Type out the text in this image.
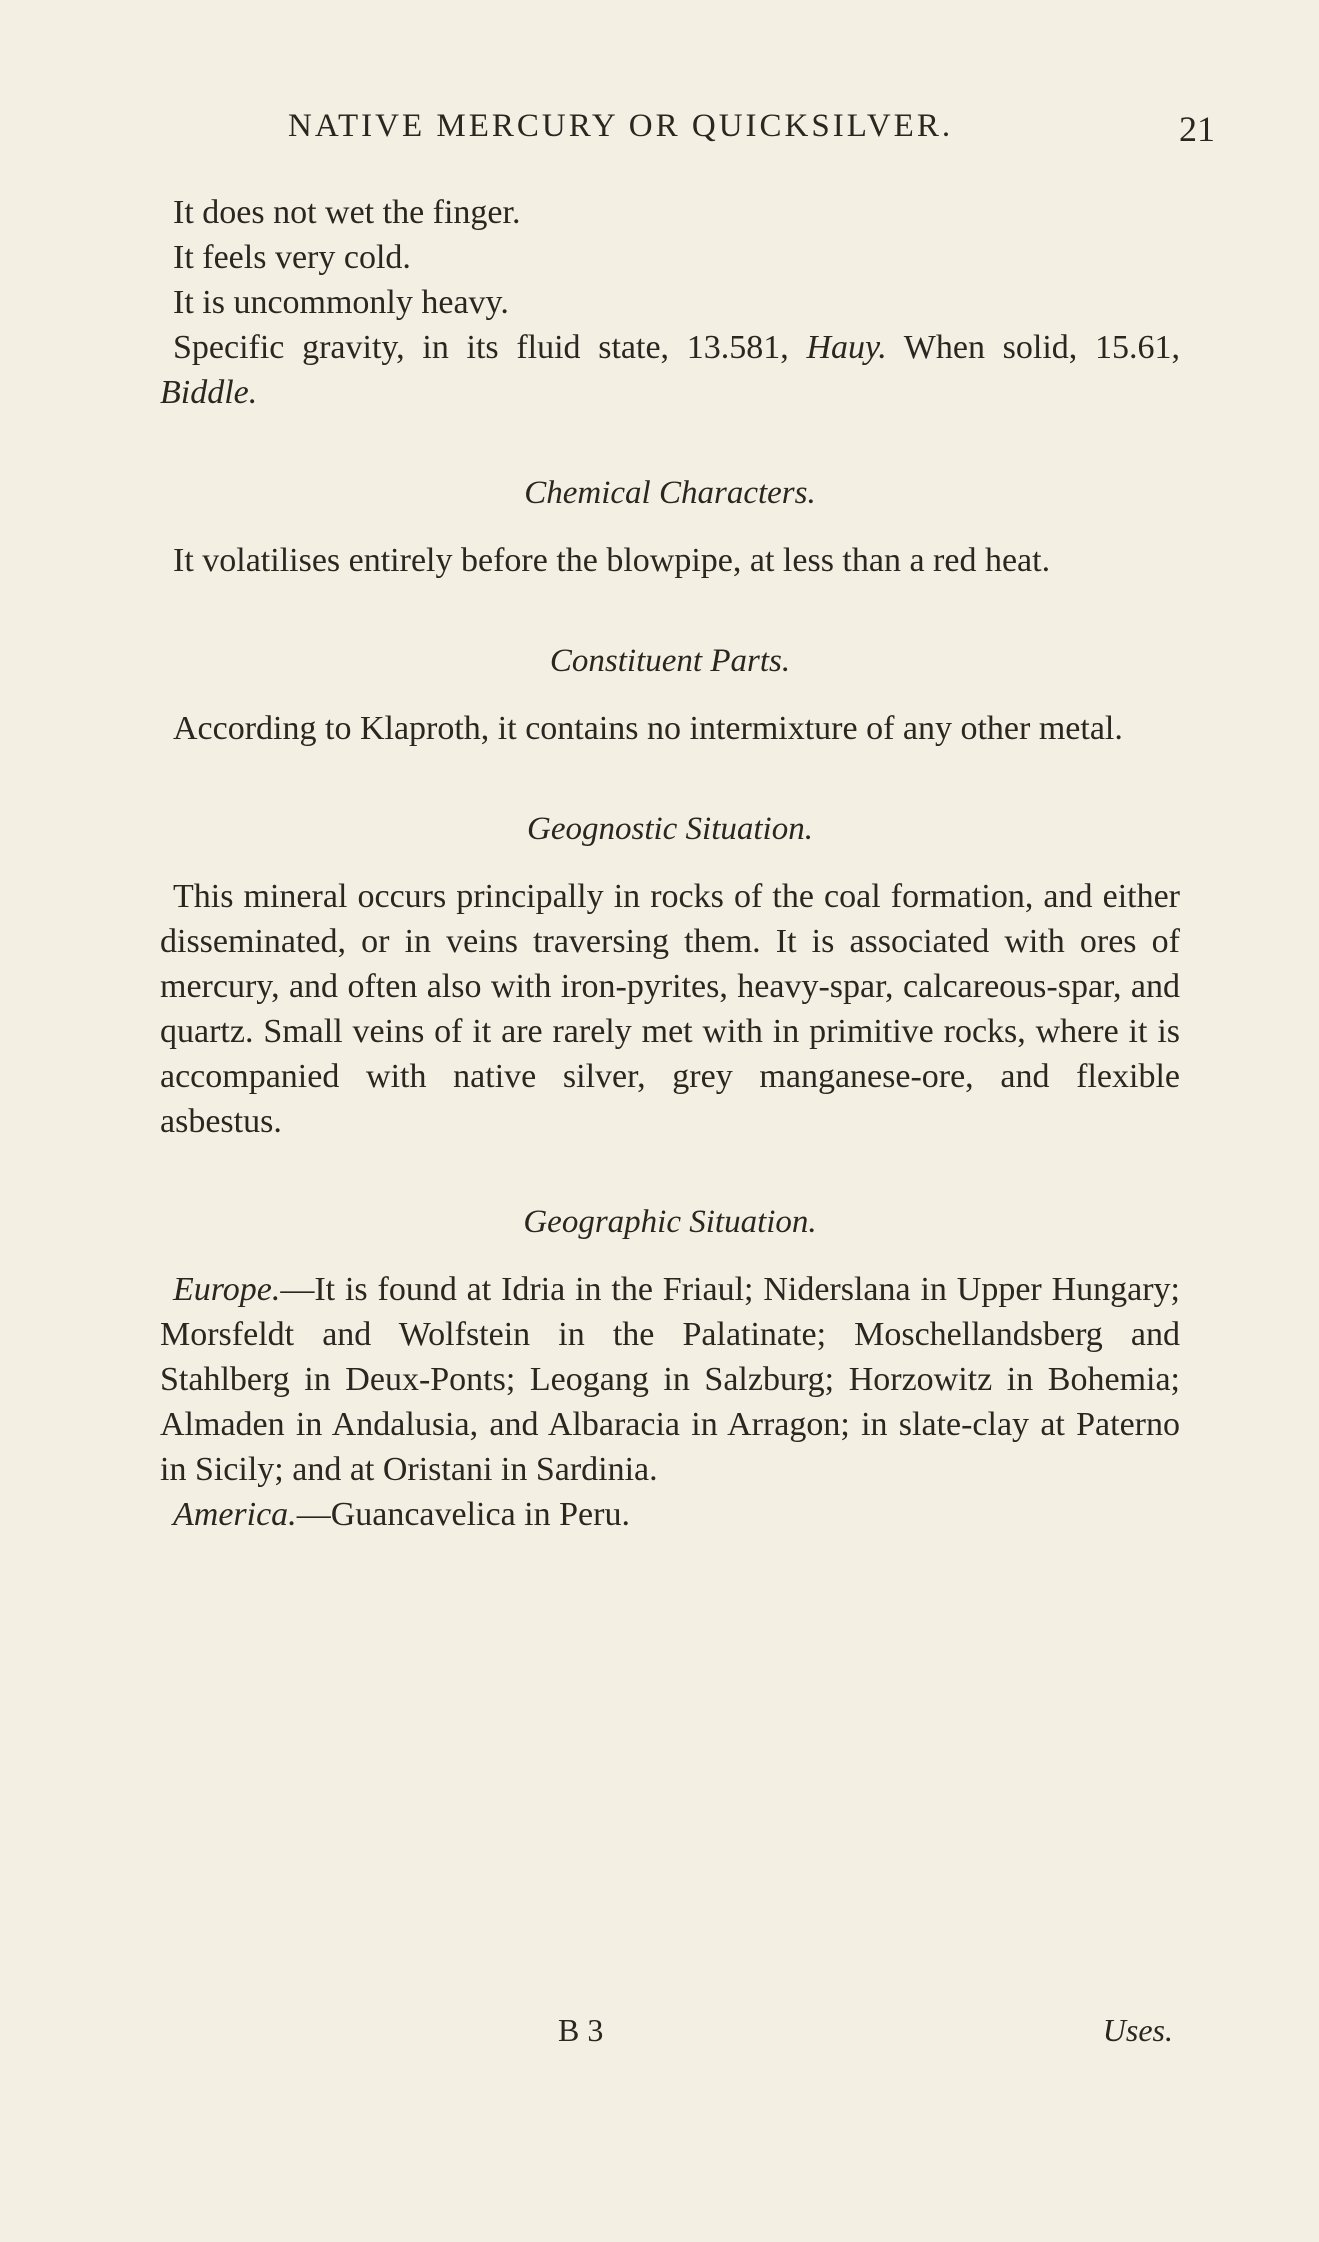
NATIVE MERCURY OR QUICKSILVER.	21

It does not wet the finger.

It feels very cold.

It is uncommonly heavy.

Specific gravity, in its fluid state, 13.581, Hauy. When solid, 15.61, Biddle.

Chemical Characters.

It volatilises entirely before the blowpipe, at less than a red heat.

Constituent Parts.

According to Klaproth, it contains no intermixture of any other metal.

Geognostic Situation.

This mineral occurs principally in rocks of the coal formation, and either disseminated, or in veins traversing them. It is associated with ores of mercury, and often also with iron-pyrites, heavy-spar, calcareous-spar, and quartz. Small veins of it are rarely met with in primitive rocks, where it is accompanied with native silver, grey manganese-ore, and flexible asbestus.

Geographic Situation.

Europe.—It is found at Idria in the Friaul; Niderslana in Upper Hungary; Morsfeldt and Wolfstein in the Palatinate; Moschellandsberg and Stahlberg in Deux-Ponts; Leogang in Salzburg; Horzowitz in Bohemia; Almaden in Andalusia, and Albaracia in Arragon; in slate-clay at Paterno in Sicily; and at Oristani in Sardinia.

America.—Guancavelica in Peru.

B 3	Uses.
